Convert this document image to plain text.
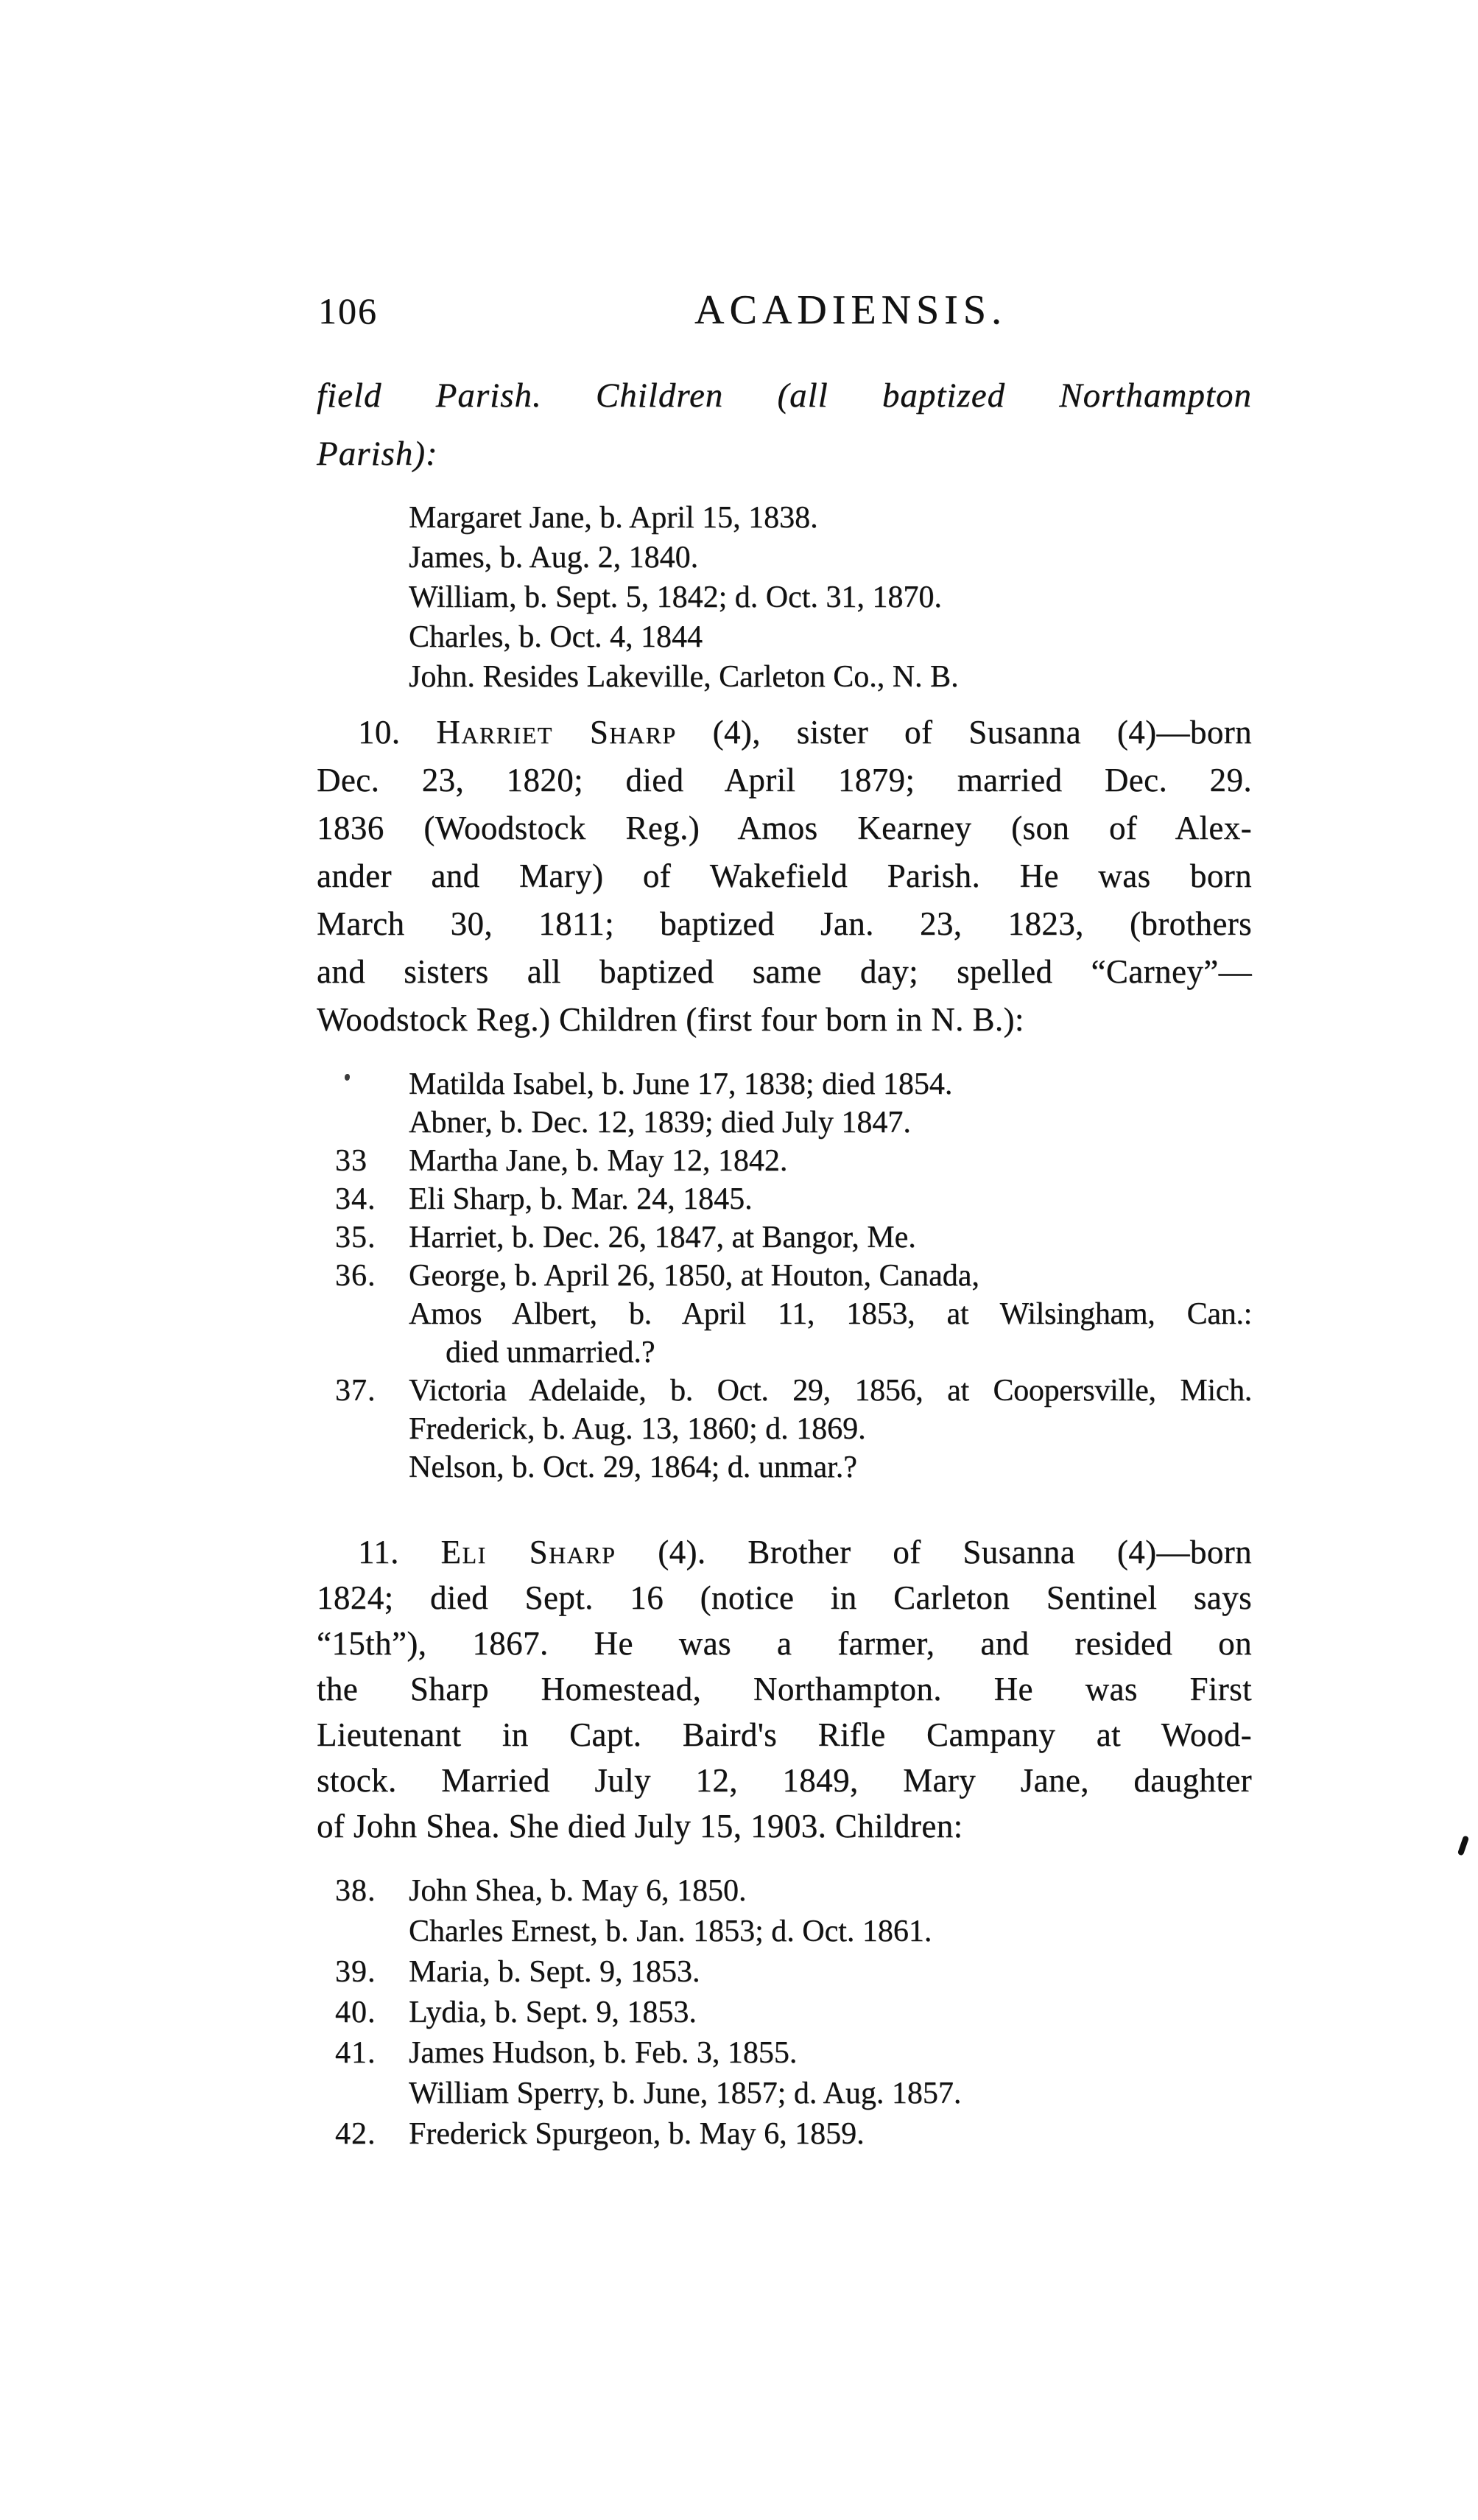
106	ACADIENSIS.
field Parish. Children (all baptized Northampton
Parish):
Margaret Jane, b. April 15, 1838.
James, b. Aug. 2, 1840.
William, b. Sept. 5, 1842; d. Oct. 31, 1870.
Charles, b. Oct. 4, 1844
John. Resides Lakeville, Carleton Co., N. B.
10. Harriet Sharp (4), sister of Susanna (4)—born
Dec. 23, 1820; died April 1879; married Dec. 29.
1836 (Woodstock Reg.) Amos Kearney (son of Alex-
ander and Mary) of Wakefield Parish. He was born
March 30, 1811; baptized Jan. 23, 1823, (brothers
and sisters all baptized same day; spelled “Carney”—
Woodstock Reg.) Children (first four born in N. B.):
Matilda Isabel, b. June 17, 1838; died 1854.
Abner, b. Dec. 12, 1839; died July 1847.
33	Martha Jane, b. May 12, 1842.
34.	Eli Sharp, b. Mar. 24, 1845.
35.	Harriet, b. Dec. 26, 1847, at Bangor, Me.
36.	George, b. April 26, 1850, at Houton, Canada,
Amos Albert, b. April 11, 1853, at Wilsingham, Can.:
died unmarried.?
37.	Victoria Adelaide, b. Oct. 29, 1856, at Coopersville, Mich.
Frederick, b. Aug. 13, 1860; d. 1869.
Nelson, b. Oct. 29, 1864; d. unmar.?
11. Eli Sharp (4). Brother of Susanna (4)—born
1824; died Sept. 16 (notice in Carleton Sentinel says
“15th”), 1867. He was a farmer, and resided on
the Sharp Homestead, Northampton. He was First
Lieutenant in Capt. Baird's Rifle Campany at Wood-
stock. Married July 12, 1849, Mary Jane, daughter
of John Shea. She died July 15, 1903. Children:
38.	John Shea, b. May 6, 1850.
Charles Ernest, b. Jan. 1853; d. Oct. 1861.
39.	Maria, b. Sept. 9, 1853.
40.	Lydia, b. Sept. 9, 1853.
41.	James Hudson, b. Feb. 3, 1855.
William Sperry, b. June, 1857; d. Aug. 1857.
42.	Frederick Spurgeon, b. May 6, 1859.
